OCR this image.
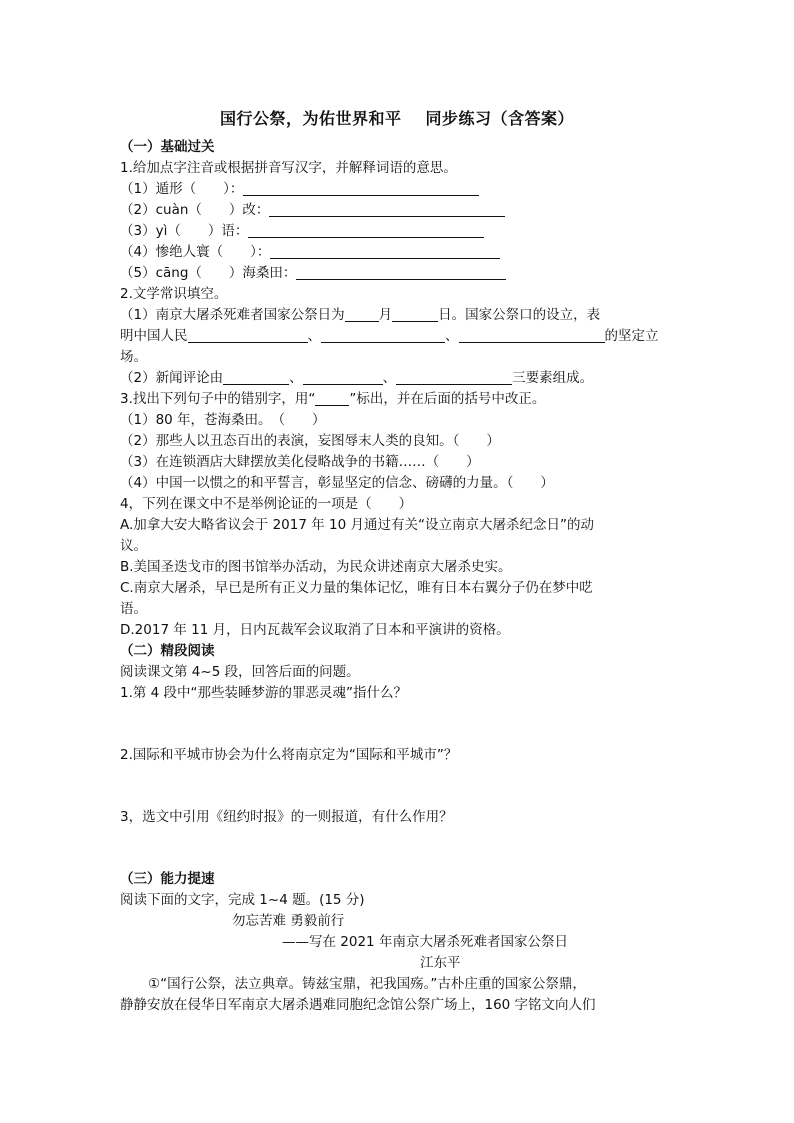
国行公祭，为佑世界和平 同步练习（含答案）
（一）基础过关
1.给加点字注音或根据拼音写汉字，并解释词语的意思。
（1）遁形（　　）：
（2）cuàn（　　）改：
（3）yì（　　）语：
（4）惨绝人寰（　　）：
（5）cāng（　　）海桑田：
2.文学常识填空。
（1）南京大屠杀死难者国家公祭日为	月	日。国家公祭口的设立，表
明中国人民	、	、	的坚定立
场。
（2）新闻评论由	、	、	三要素组成。
3.找出下列句子中的错别字，用“	”标出，并在后面的括号中改正。
（1）80 年，苍海桑田。　（　　）
（2）那些人以丑态百出的表演，妄图辱末人类的良知。（　　）
（3）在连锁酒店大肆摆放美化侵略战争的书籍……（　　）
（4）中国一以惯之的和平誓言，彰显坚定的信念、磅礴的力量。（　　）
4，下列在课文中不是举例论证的一项是（　　）
A.加拿大安大略省议会于 2017 年 10 月通过有关“设立南京大屠杀纪念日”的动
议。
B.美国圣迭戈市的图书馆举办活动，为民众讲述南京大屠杀史实。
C.南京大屠杀，早已是所有正义力量的集体记忆，唯有日本右翼分子仍在梦中呓
语。
D.2017 年 11 月，日内瓦裁军会议取消了日本和平演讲的资格。
（二）精段阅读
阅读课文第 4~5 段，回答后面的问题。
1.第 4 段中“那些装睡梦游的罪恶灵魂”指什么？
2.国际和平城市协会为什么将南京定为“国际和平城市”？
3，选文中引用《纽约时报》的一则报道，有什么作用？
（三）能力提速
阅读下面的文字，完成 1~4 题。(15 分)
勿忘苦难 勇毅前行
——写在 2021 年南京大屠杀死难者国家公祭日
江东平
①“国行公祭，法立典章。铸兹宝鼎，祀我国殇。”古朴庄重的国家公祭鼎，
静静安放在侵华日军南京大屠杀遇难同胞纪念馆公祭广场上，160 字铭文向人们
